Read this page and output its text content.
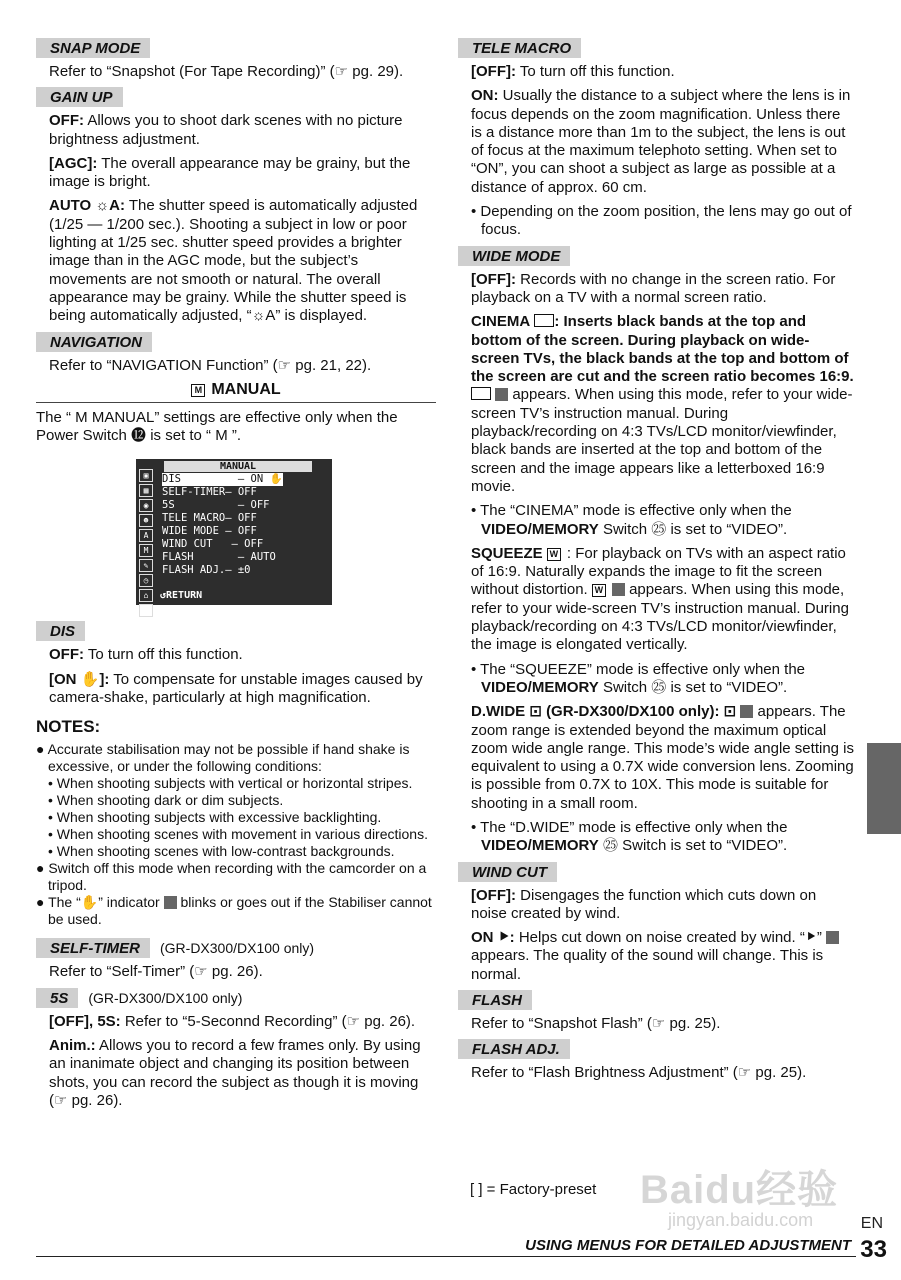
SNAP MODE
Refer to “Snapshot (For Tape Recording)” (☞ pg. 29).
GAIN UP
OFF: Allows you to shoot dark scenes with no picture brightness adjustment.
[AGC]: The overall appearance may be grainy, but the image is bright.
AUTO ☼A: The shutter speed is automatically adjusted (1/25 — 1/200 sec.). Shooting a subject in low or poor lighting at 1/25 sec. shutter speed provides a brighter image than in the AGC mode, but the subject’s movements are not smooth or natural. The overall appearance may be grainy. While the shutter speed is being automatically adjusted, “☼A” is displayed.
NAVIGATION
Refer to “NAVIGATION Function” (☞ pg. 21, 22).
M MANUAL
The “ M MANUAL” settings are effective only when the Power Switch ⓬ is set to “ M ”.
▣
▦
◉
☻
A
M
✎
◷
⌂
✕
MANUAL
DIS         – ON ✋
SELF-TIMER– OFF
5S          – OFF
TELE MACRO– OFF
WIDE MODE – OFF
WIND CUT   – OFF
FLASH       – AUTO
FLASH ADJ.– ±0
↺RETURN
DIS
OFF: To turn off this function.
[ON ✋]: To compensate for unstable images caused by camera-shake, particularly at high magnification.
NOTES:

● Accurate stabilisation may not be possible if hand shake is excessive, or under the following conditions:

• When shooting subjects with vertical or horizontal stripes.

• When shooting dark or dim subjects.

• When shooting subjects with excessive backlighting.

• When shooting scenes with movement in various directions.

• When shooting scenes with low-contrast backgrounds.

● Switch off this mode when recording with the camcorder on a tripod.

● The “✋” indicator  blinks or goes out if the Stabiliser cannot be used.

SELF-TIMER (GR-DX300/DX100 only)
Refer to “Self-Timer” (☞ pg. 26).
5S (GR-DX300/DX100 only)
[OFF], 5S: Refer to “5-Seconnd Recording” (☞ pg. 26).
Anim.: Allows you to record a few frames only. By using an inanimate object and changing its position between shots, you can record the subject as though it is moving (☞ pg. 26).
TELE MACRO
[OFF]: To turn off this function.
ON: Usually the distance to a subject where the lens is in focus depends on the zoom magnification. Unless there is a distance more than 1m to the subject, the lens is out of focus at the maximum telephoto setting. When set to “ON”, you can shoot a subject as large as possible at a distance of approx. 60 cm.
• Depending on the zoom position, the lens may go out of focus.
WIDE MODE
[OFF]: Records with no change in the screen ratio. For playback on a TV with a normal screen ratio.
CINEMA : Inserts black bands at the top and bottom of the screen. During playback on wide-screen TVs, the black bands at the top and bottom of the screen are cut and the screen ratio becomes 16:9.   appears. When using this mode, refer to your wide-screen TV’s instruction manual. During playback/recording on 4:3 TVs/LCD monitor/viewfinder, black bands are inserted at the top and bottom of the screen and the image appears like a letterboxed 16:9 movie.
• The “CINEMA” mode is effective only when the VIDEO/MEMORY Switch ㉕ is set to “VIDEO”.
SQUEEZE W : For playback on TVs with an aspect ratio of 16:9. Naturally expands the image to fit the screen without distortion. W appears. When using this mode, refer to your wide-screen TV’s instruction manual. During playback/recording on 4:3 TVs/LCD monitor/viewfinder, the image is elongated vertically.
• The “SQUEEZE” mode is effective only when the VIDEO/MEMORY Switch ㉕ is set to “VIDEO”.
D.WIDE ⊡ (GR-DX300/DX100 only): ⊡  appears. The zoom range is extended beyond the maximum optical zoom wide angle range. This mode’s wide angle setting is equivalent to using a 0.7X wide conversion lens. Zooming is possible from 0.7X to 10X. This mode is suitable for shooting in a small room.
• The “D.WIDE” mode is effective only when the VIDEO/MEMORY ㉕ Switch is set to “VIDEO”.
WIND CUT
[OFF]: Disengages the function which cuts down on noise created by wind.
ON ⯈: Helps cut down on noise created by wind. “⯈”  appears. The quality of the sound will change. This is normal.
FLASH
Refer to “Snapshot Flash” (☞ pg. 25).
FLASH ADJ.
Refer to “Flash Brightness Adjustment” (☞ pg. 25).
[ ] = Factory-preset Baidu经验
jingyan.baidu.com	EN
USING MENUS FOR DETAILED ADJUSTMENT 33
